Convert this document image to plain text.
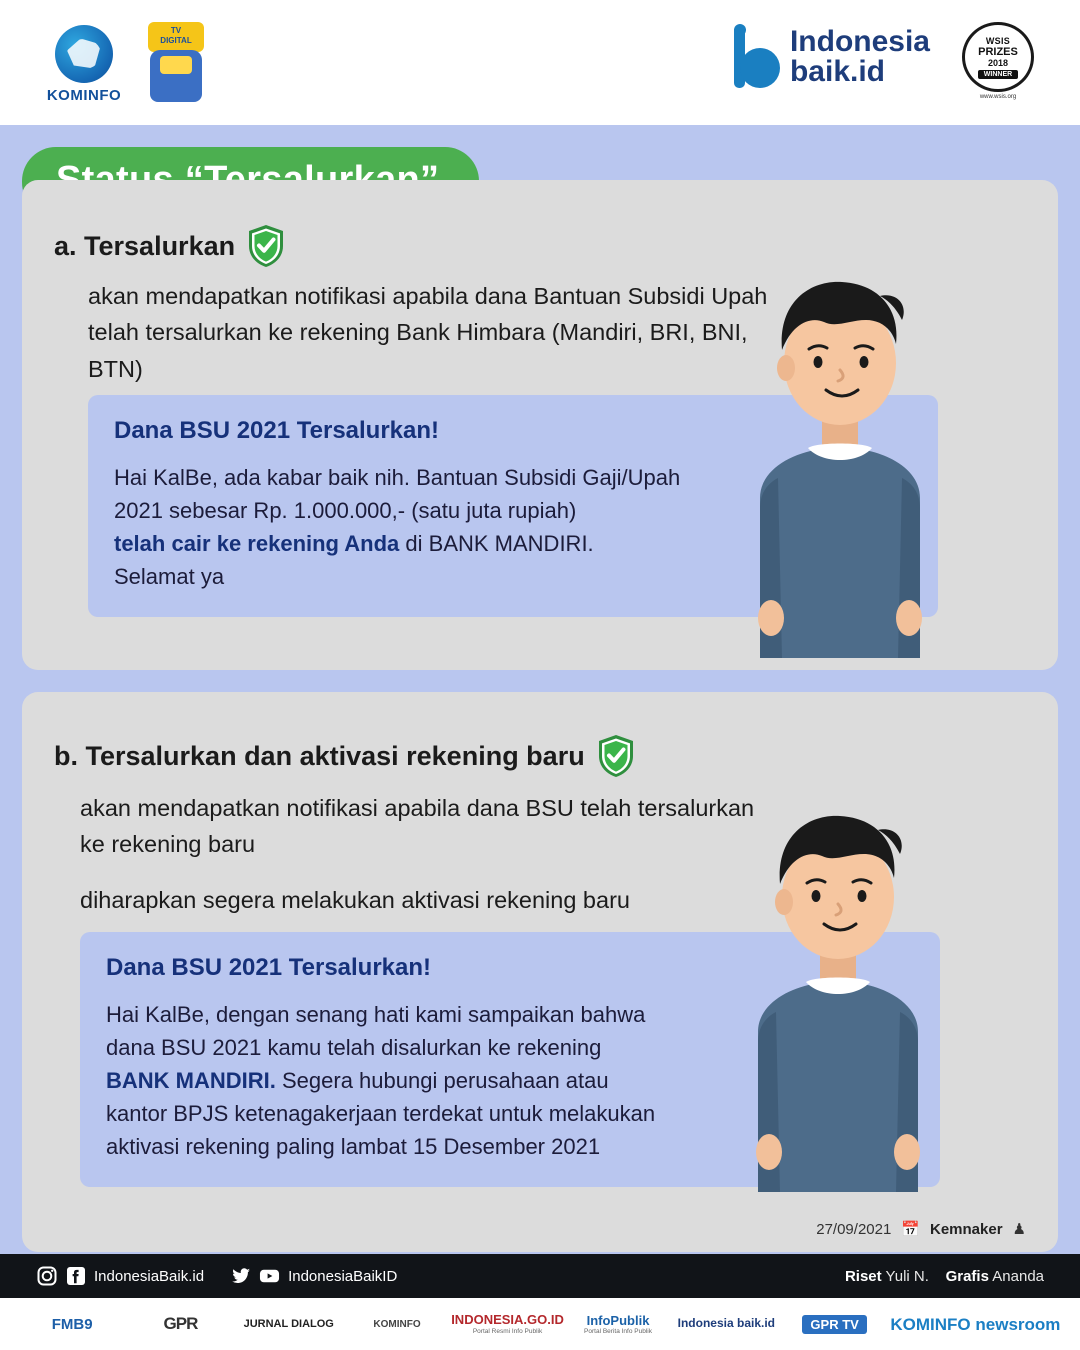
KOMINFO
TV
DIGITAL	Indonesia
baik.id
WSIS
PRIZES
2018
WINNER
www.wsis.org
a. Tersalurkan

akan mendapatkan notifikasi apabila dana Bantuan Subsidi Upah telah tersalurkan ke rekening Bank Himbara (Mandiri, BRI, BNI, BTN)

Dana BSU 2021 Tersalurkan!
Hai KalBe, ada kabar baik nih. Bantuan Subsidi Gaji/Upah
2021 sebesar Rp. 1.000.000,- (satu juta rupiah)
telah cair ke rekening Anda di BANK MANDIRI.
Selamat ya
b. Tersalurkan dan aktivasi rekening baru

akan mendapatkan notifikasi apabila dana BSU telah tersalurkan ke rekening baru

diharapkan segera melakukan aktivasi rekening baru

Dana BSU 2021 Tersalurkan!
Hai KalBe, dengan senang hati kami sampaikan bahwa
dana BSU 2021 kamu telah disalurkan ke rekening
BANK MANDIRI. Segera hubungi perusahaan atau
kantor BPJS ketenagakerjaan terdekat untuk melakukan
aktivasi rekening paling lambat 15 Desember 2021
27/09/2021 📅 Kemnaker ♟
IndonesiaBaik.id	IndonesiaBaikID	Riset Yuli N. Grafis Ananda
FMB9	GPR	JURNAL DIALOG	KOMINFO INDONESIA.GO.ID
Portal Resmi Info Publik
InfoPublik
Portal Berita Info Publik
Indonesia baik.id	GPR TV	KOMINFO newsroom
